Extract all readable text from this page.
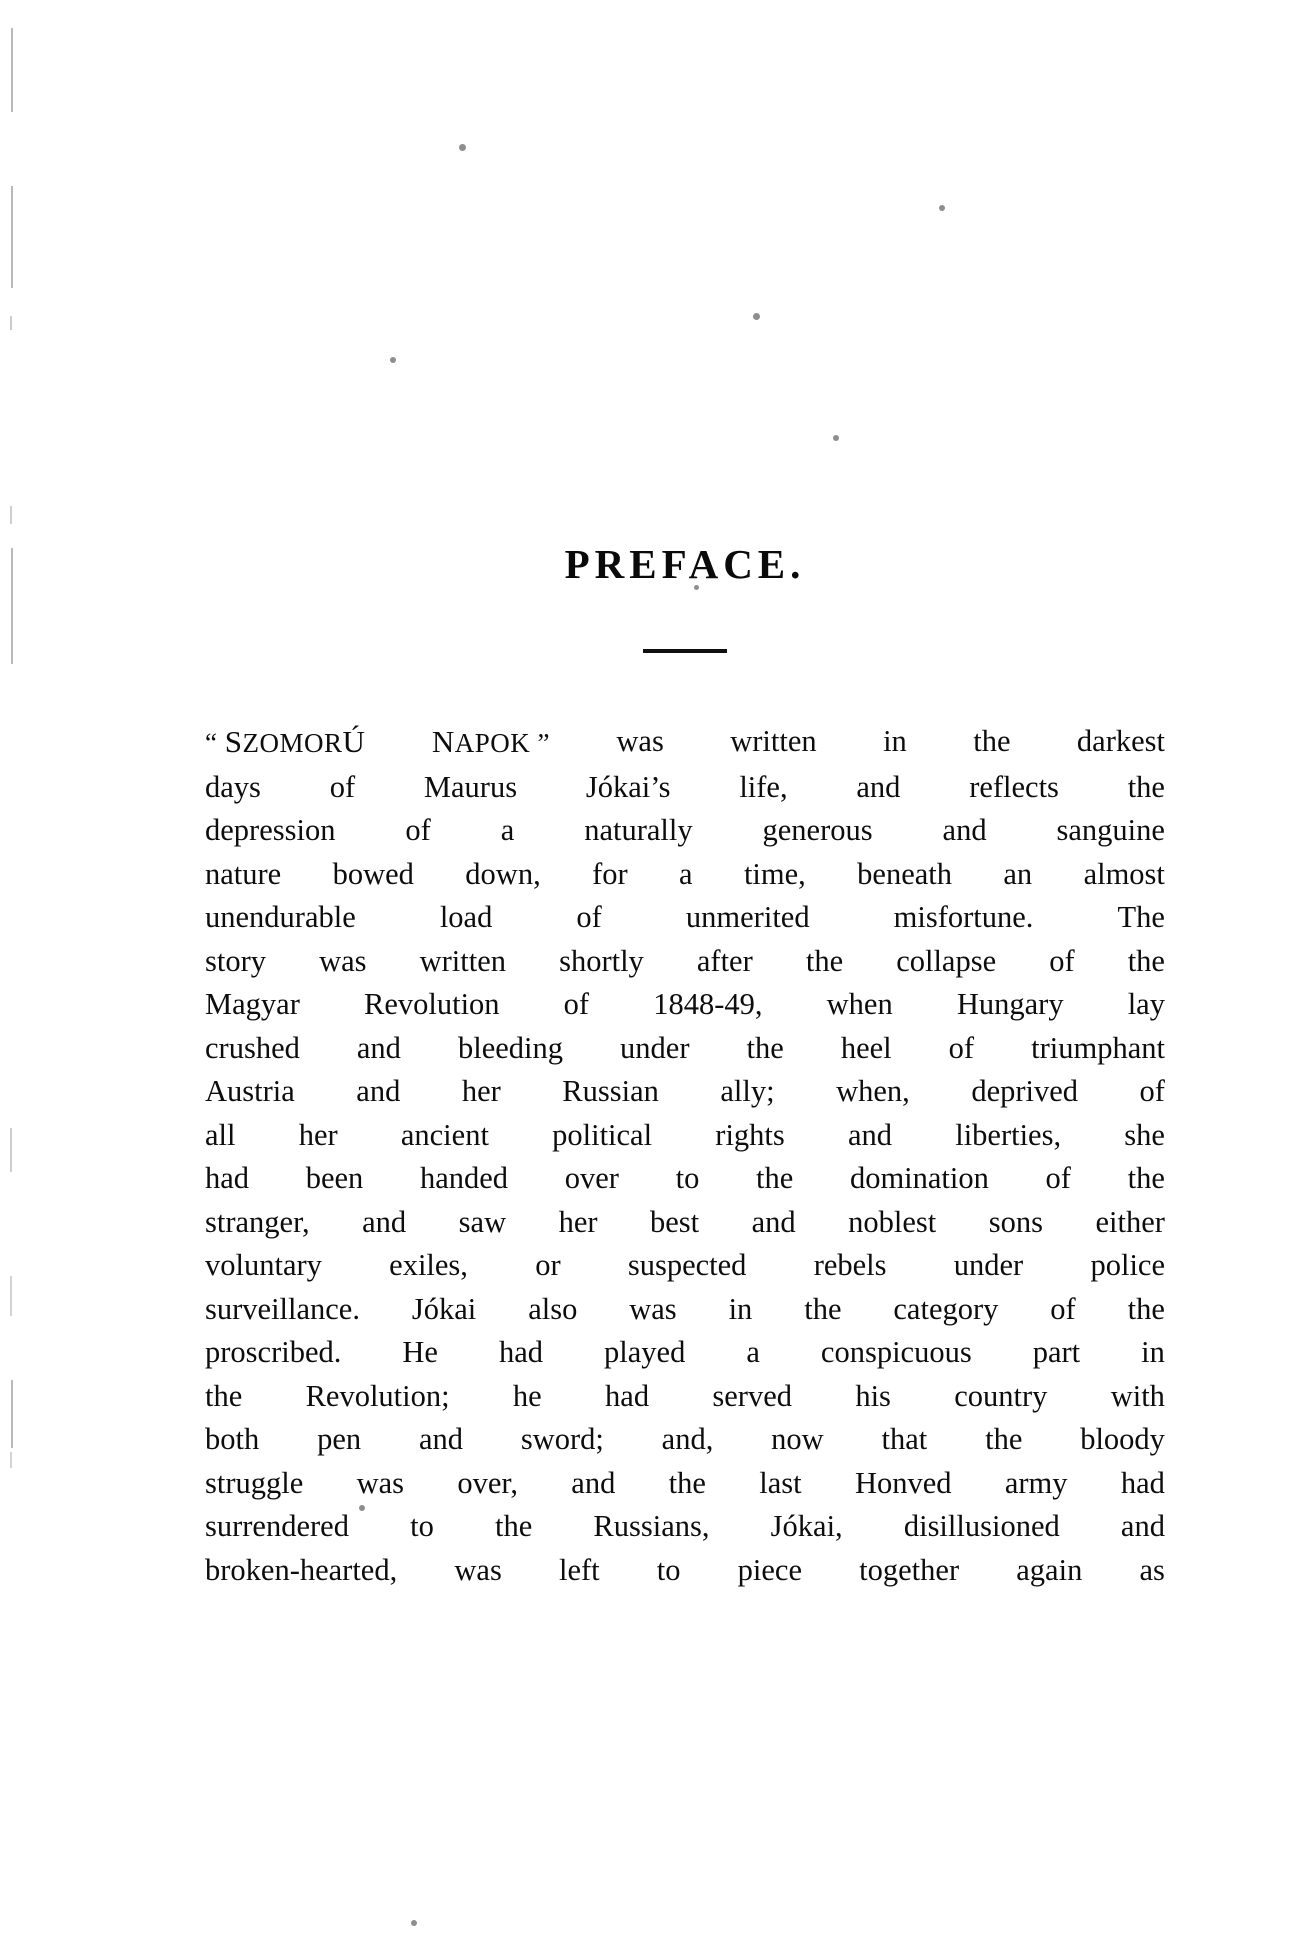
PREFACE.
“ SZOMORÚ NAPOK ” was written in the darkest
days of Maurus Jókai’s life, and reflects the
depression of a naturally generous and sanguine
nature bowed down, for a time, beneath an almost
unendurable	load	of	unmerited	misfortune.	The
story was written shortly after the collapse of the
Magyar Revolution of 1848-49, when Hungary lay
crushed and bleeding under the heel of triumphant
Austria and her Russian ally; when, deprived of
all her ancient political rights and liberties, she
had been handed over to the domination of the
stranger, and saw her best and noblest sons either
voluntary exiles, or suspected rebels under police
surveillance. Jókai also was in the category of the
proscribed. He had played a conspicuous part in
the Revolution; he had served his country with
both pen and sword; and, now that the bloody
struggle was over, and the last Honved army had
surrendered to the Russians, Jókai, disillusioned and
broken-hearted, was left to piece together again as
